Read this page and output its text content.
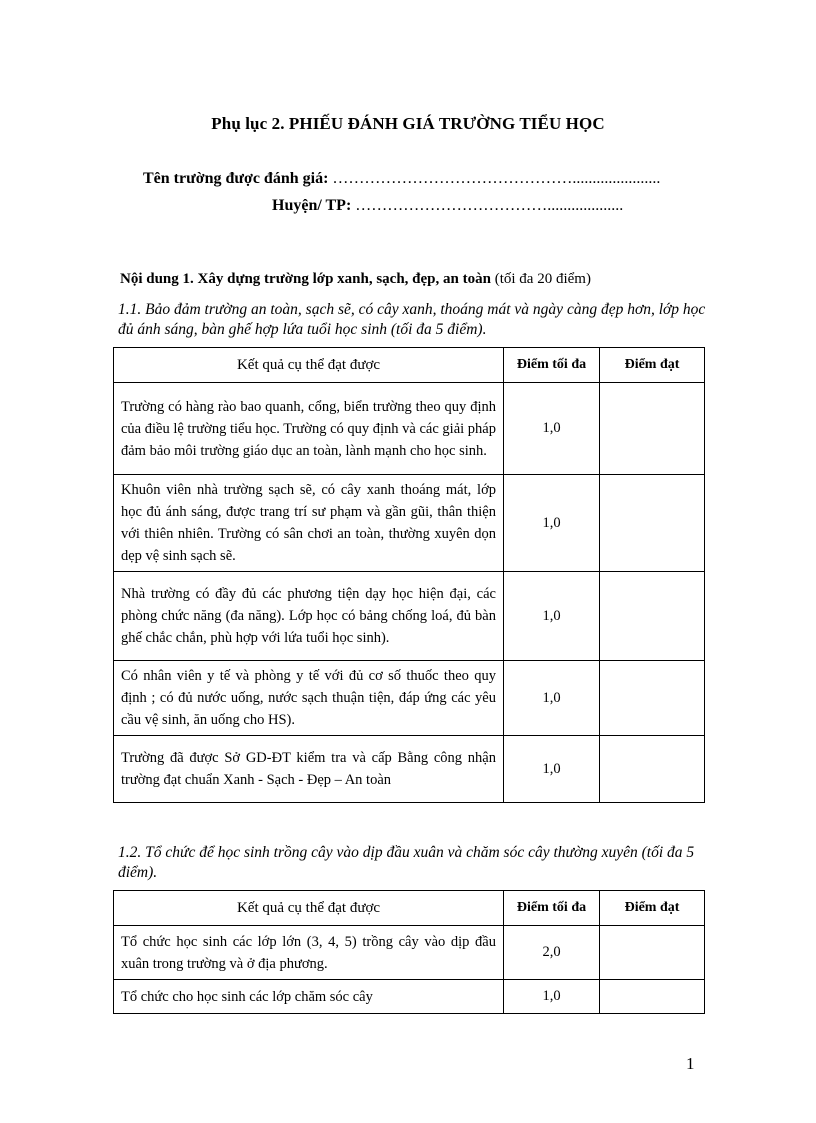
Phụ lục 2. PHIẾU ĐÁNH GIÁ TRƯỜNG TIỂU HỌC
Tên trường được đánh giá: ………………………………………......................
Huyện/ TP: ………………………………...................
Nội dung 1. Xây dựng trường lớp xanh, sạch, đẹp, an toàn (tối đa 20 điểm)
1.1. Bảo đảm trường an toàn, sạch sẽ, có cây xanh, thoáng mát và ngày càng đẹp hơn, lớp học đủ ánh sáng, bàn ghế hợp lứa tuổi học sinh (tối đa 5 điểm).
Kết quả cụ thể đạt được	Điểm tối đa	Điểm đạt
Trường có hàng rào bao quanh, cổng, biển trường theo quy định của điều lệ trường tiểu học. Trường có quy định và các giải pháp đảm bảo môi trường giáo dục an toàn, lành mạnh cho học sinh.	1,0	
Khuôn viên nhà trường sạch sẽ, có cây xanh thoáng mát, lớp học đủ ánh sáng, được trang trí sư phạm và gần gũi, thân thiện với thiên nhiên. Trường có sân chơi an toàn, thường xuyên dọn dẹp vệ sinh sạch sẽ.	1,0	
Nhà trường có đầy đủ các phương tiện dạy học hiện đại, các phòng chức năng (đa năng). Lớp học có bảng chống loá, đủ bàn ghế chắc chắn, phù hợp với lứa tuổi học sinh).	1,0	
Có nhân viên y tế và phòng y tế với đủ cơ số thuốc theo quy định ; có đủ nước uống, nước sạch thuận tiện, đáp ứng các yêu cầu vệ sinh, ăn uống cho HS).	1,0	
Trường đã được Sở GD-ĐT kiểm tra và cấp Bằng công nhận trường đạt chuẩn Xanh - Sạch - Đẹp – An toàn	1,0	
1.2. Tổ chức để học sinh trồng cây vào dịp đầu xuân và chăm sóc cây thường xuyên (tối đa 5 điểm).
Kết quả cụ thể đạt được	Điểm tối đa	Điểm đạt
Tổ chức học sinh các lớp lớn (3, 4, 5) trồng cây vào dịp đầu xuân trong trường và ở địa phương.	2,0	
Tổ chức cho học sinh các lớp chăm sóc cây	1,0	
1
